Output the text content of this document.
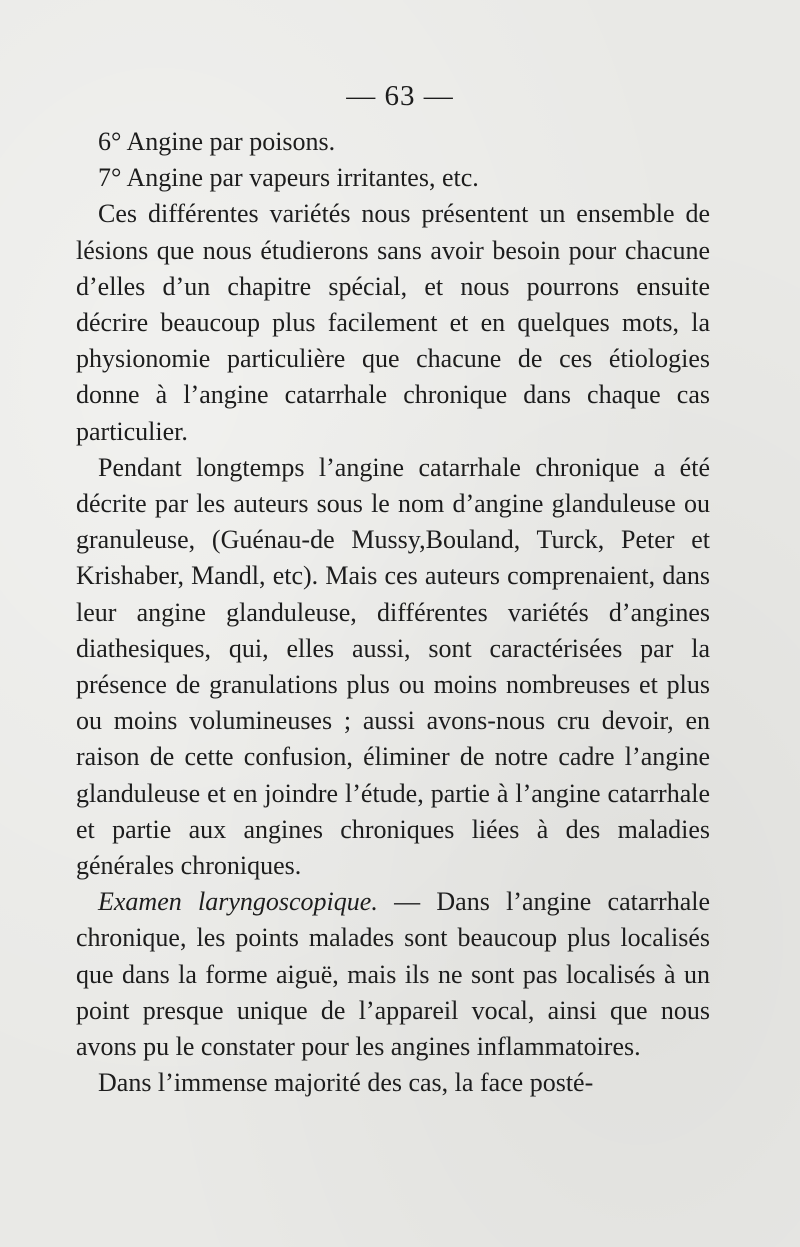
— 63 —

6° Angine par poisons.

7° Angine par vapeurs irritantes, etc.

Ces différentes variétés nous présentent un ensemble de lésions que nous étudierons sans avoir besoin pour chacune d’elles d’un chapitre spécial, et nous pourrons ensuite décrire beaucoup plus facilement et en quelques mots, la physionomie particulière que chacune de ces étiologies donne à l’angine catarrhale chronique dans chaque cas particulier.

Pendant longtemps l’angine catarrhale chronique a été décrite par les auteurs sous le nom d’angine glanduleuse ou granuleuse, (Guénau-de Mussy,Bouland, Turck, Peter et Krishaber, Mandl, etc). Mais ces auteurs comprenaient, dans leur angine glanduleuse, différentes variétés d’angines diathesiques, qui, elles aussi, sont caractérisées par la présence de granulations plus ou moins nombreuses et plus ou moins volumineuses ; aussi avons-nous cru devoir, en raison de cette confusion, éliminer de notre cadre l’angine glanduleuse et en joindre l’étude, partie à l’angine catarrhale et partie aux angines chroniques liées à des maladies générales chroniques.

Examen laryngoscopique. — Dans l’angine catarrhale chronique, les points malades sont beaucoup plus localisés que dans la forme aiguë, mais ils ne sont pas localisés à un point presque unique de l’appareil vocal, ainsi que nous avons pu le constater pour les angines inflammatoires.

Dans l’immense majorité des cas, la face posté-
